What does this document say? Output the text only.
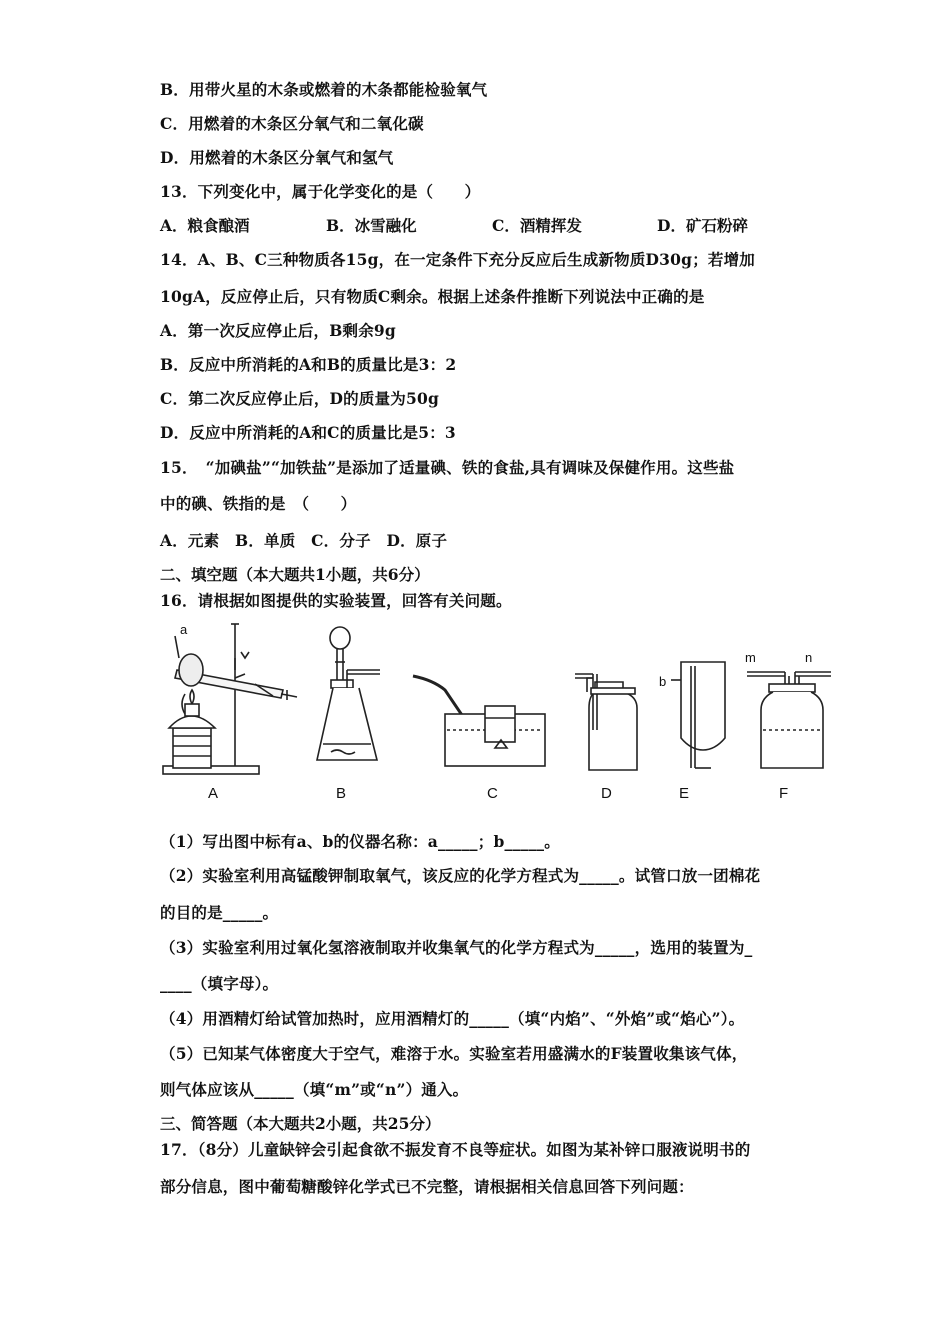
B．用带火星的木条或燃着的木条都能检验氧气
C．用燃着的木条区分氧气和二氧化碳
D．用燃着的木条区分氧气和氢气
13．下列变化中，属于化学变化的是（　　）
A．粮食酿酒	B．冰雪融化	C．酒精挥发	D．矿石粉碎
14．A、B、C三种物质各15g，在一定条件下充分反应后生成新物质D30g；若增加
10gA，反应停止后，只有物质C剩余。根据上述条件推断下列说法中正确的是
A．第一次反应停止后，B剩余9g
B．反应中所消耗的A和B的质量比是3：2
C．第二次反应停止后，D的质量为50g
D．反应中所消耗的A和C的质量比是5：3
15．　“加碘盐”“加铁盐”是添加了适量碘、铁的食盐,具有调味及保健作用。这些盐
中的碘、铁指的是　（　　）
A．元素　B．单质　C．分子　D．原子
二、填空题（本大题共1小题，共6分）
16．请根据如图提供的实验装置，回答有关问题。
a
b
m	n
A	B	C	D	E	F
（1）写出图中标有a、b的仪器名称：a_____；b_____。
（2）实验室利用高锰酸钾制取氧气，该反应的化学方程式为_____。试管口放一团棉花
的目的是_____。
（3）实验室利用过氧化氢溶液制取并收集氧气的化学方程式为_____，选用的装置为_
____（填字母）。
（4）用酒精灯给试管加热时，应用酒精灯的_____（填“内焰”、“外焰”或“焰心”）。
（5）已知某气体密度大于空气，难溶于水。实验室若用盛满水的F装置收集该气体，
则气体应该从_____（填“m”或“n”）通入。
三、简答题（本大题共2小题，共25分）
17．（8分）儿童缺锌会引起食欲不振发育不良等症状。如图为某补锌口服液说明书的
部分信息，图中葡萄糖酸锌化学式已不完整，请根据相关信息回答下列问题：
